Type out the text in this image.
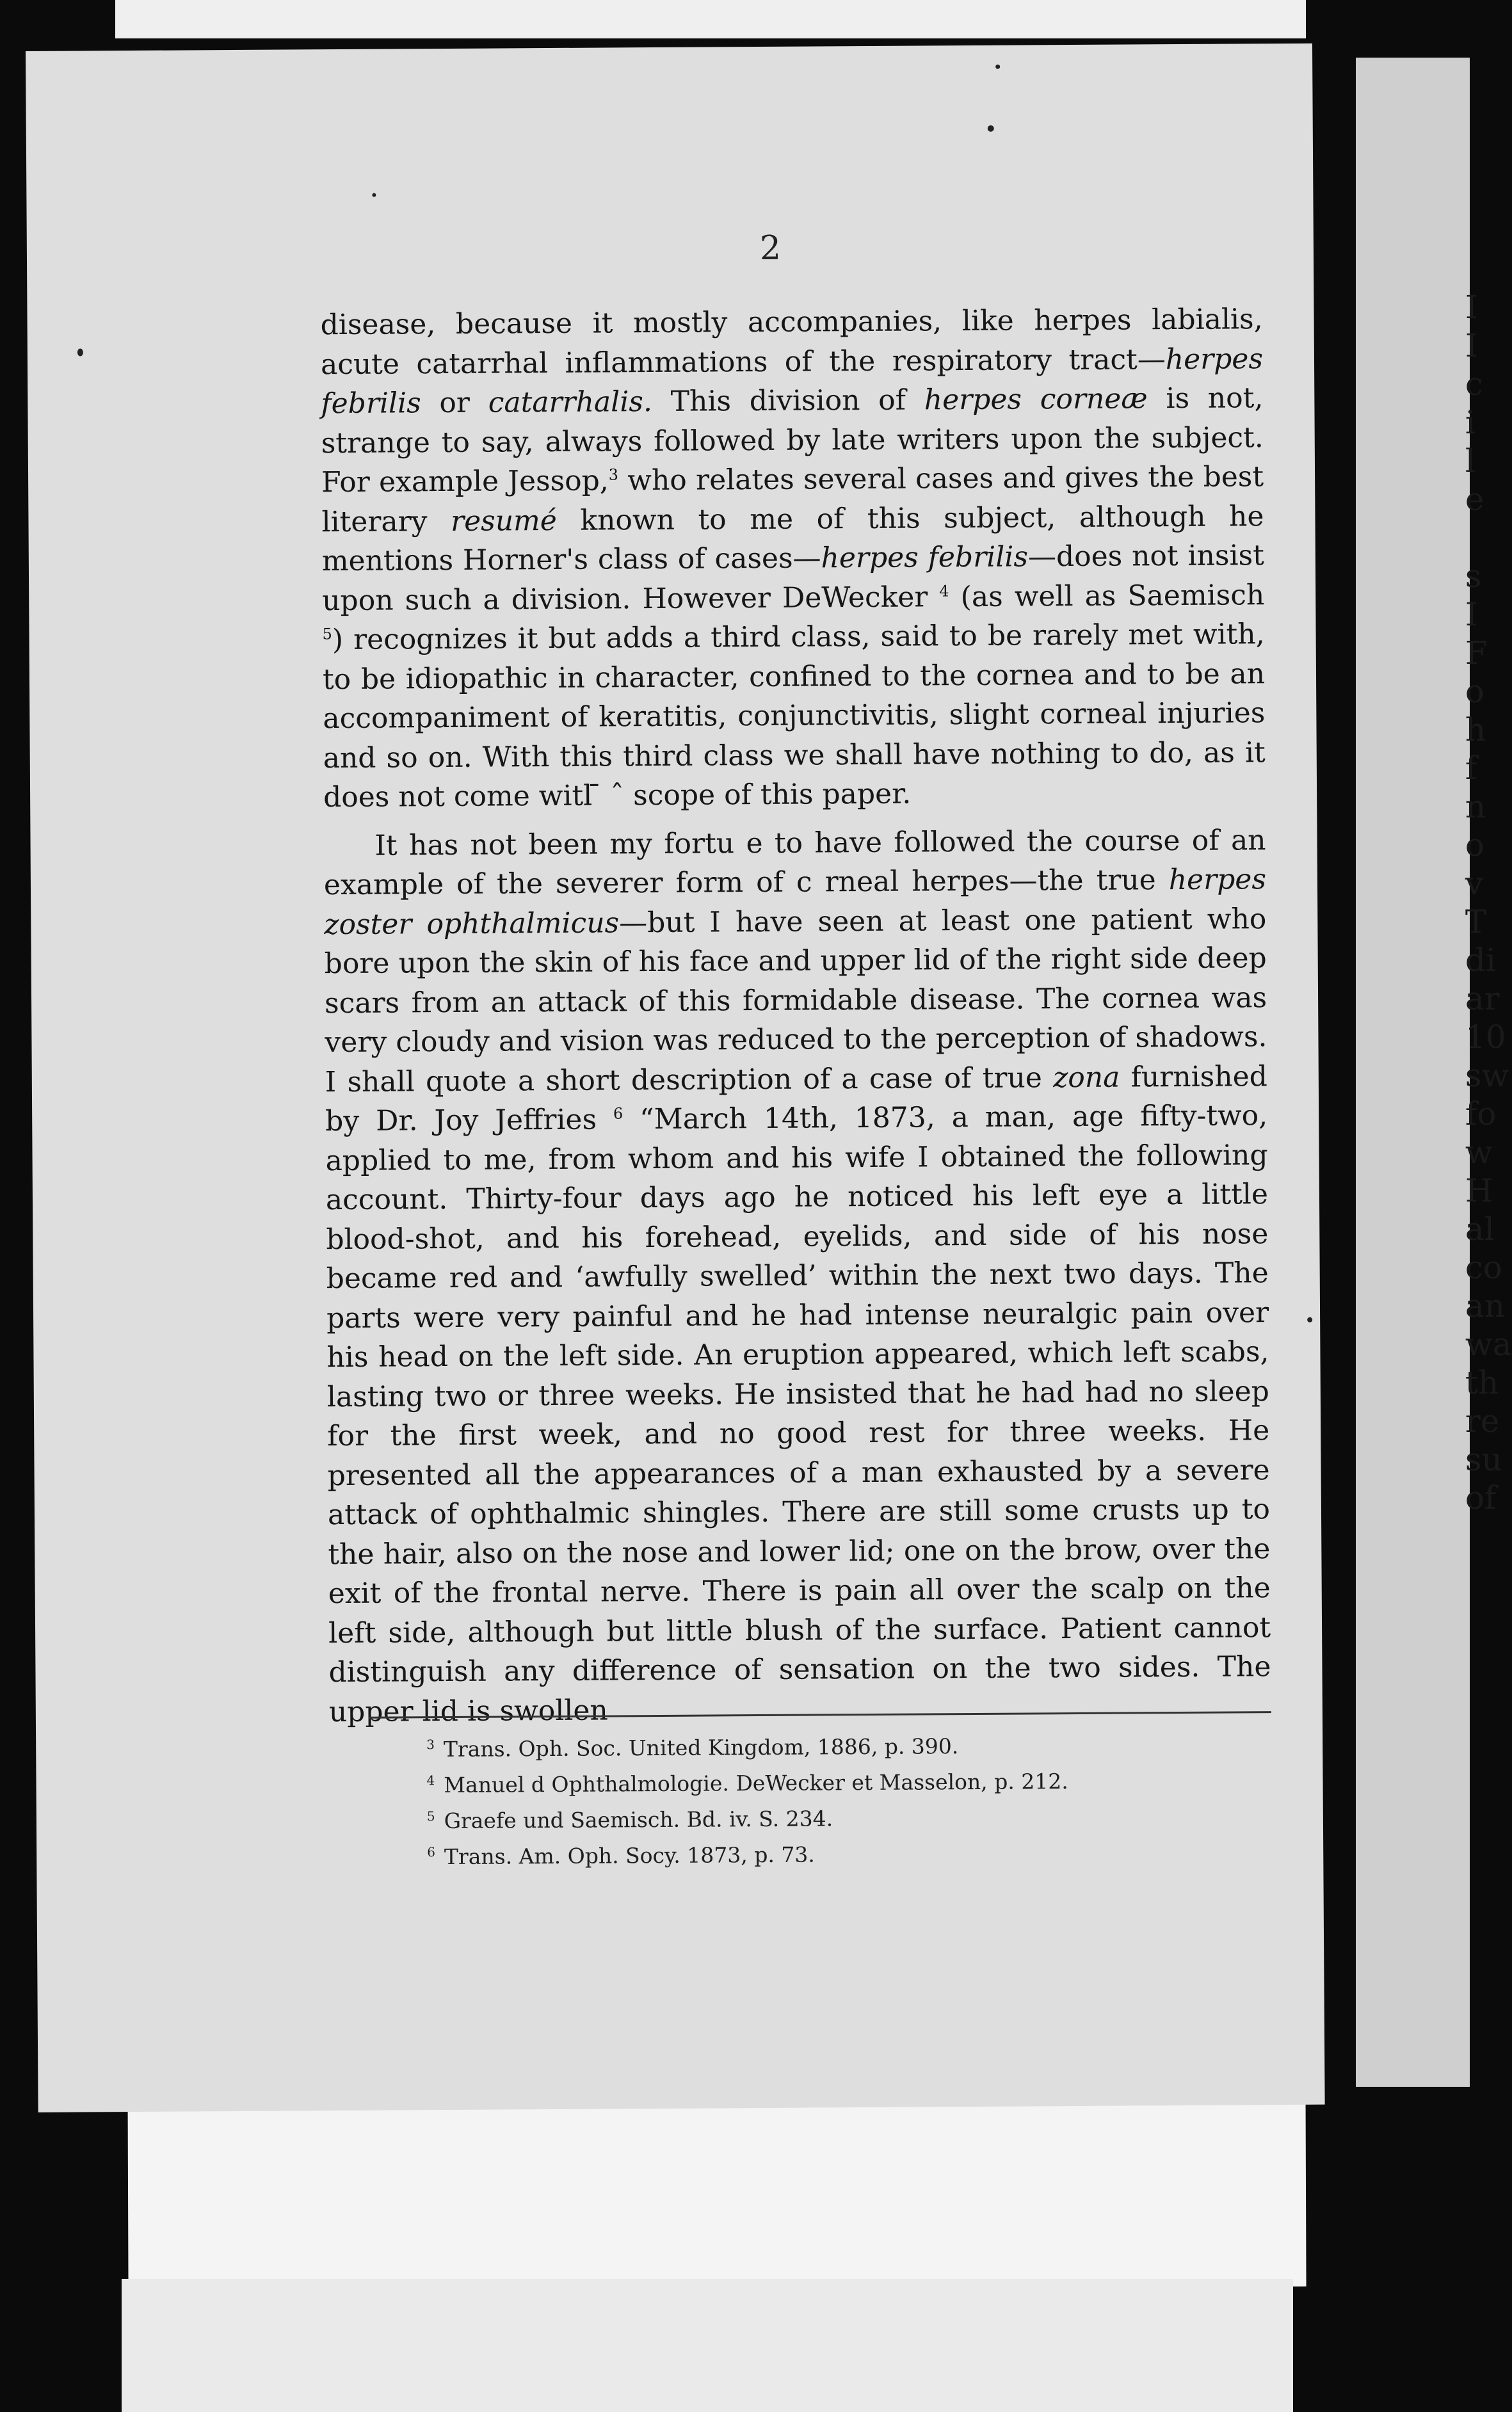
I
I
c
i
l
e

s
I
F
o
h
f
n
o
v
T
di
ar
10
sw
fo
w
H
al
co
an
wa
th
re
su
of
2

disease, because it mostly accompanies, like herpes labialis, acute catarrhal inflammations of the respiratory tract—herpes febrilis or catarrhalis. This division of herpes corneæ is not, strange to say, always followed by late writers upon the subject. For example Jessop,$^3$ who relates several cases and gives the best literary resumé known to me of this subject, although he mentions Horner's class of cases—herpes febrilis—does not insist upon such a division. However DeWecker $^4$ (as well as Saemisch $^5$) recognizes it but adds a third class, said to be rarely met with, to be idiopathic in character, confined to the cornea and to be an accompaniment of keratitis, conjunctivitis, slight corneal injuries and so on. With this third class we shall have nothing to do, as it does not come witl ̄ ˆ scope of this paper.

It has not been my fortu e to have followed the course of an example of the severer form of c rneal herpes—the true herpes zoster ophthalmicus—but I have seen at least one patient who bore upon the skin of his face and upper lid of the right side deep scars from an attack of this formidable disease. The cornea was very cloudy and vision was reduced to the perception of shadows. I shall quote a short description of a case of true zona furnished by Dr. Joy Jeffries $^6$ “March 14th, 1873, a man, age fifty-two, applied to me, from whom and his wife I obtained the following account. Thirty-four days ago he noticed his left eye a little blood-shot, and his forehead, eyelids, and side of his nose became red and ‘awfully swelled’ within the next two days. The parts were very painful and he had intense neuralgic pain over his head on the left side. An eruption appeared, which left scabs, lasting two or three weeks. He insisted that he had had no sleep for the first week, and no good rest for three weeks. He presented all the appearances of a man exhausted by a severe attack of ophthalmic shingles. There are still some crusts up to the hair, also on the nose and lower lid; one on the brow, over the exit of the frontal nerve. There is pain all over the scalp on the left side, although but little blush of the surface. Patient cannot distinguish any difference of sensation on the two sides. The upper lid is swollen

$^3$ Trans. Oph. Soc. United Kingdom, 1886, p. 390.
$^4$ Manuel d Ophthalmologie. DeWecker et Masselon, p. 212.
$^5$ Graefe und Saemisch. Bd. iv. S. 234.
$^6$ Trans. Am. Oph. Socy. 1873, p. 73.
